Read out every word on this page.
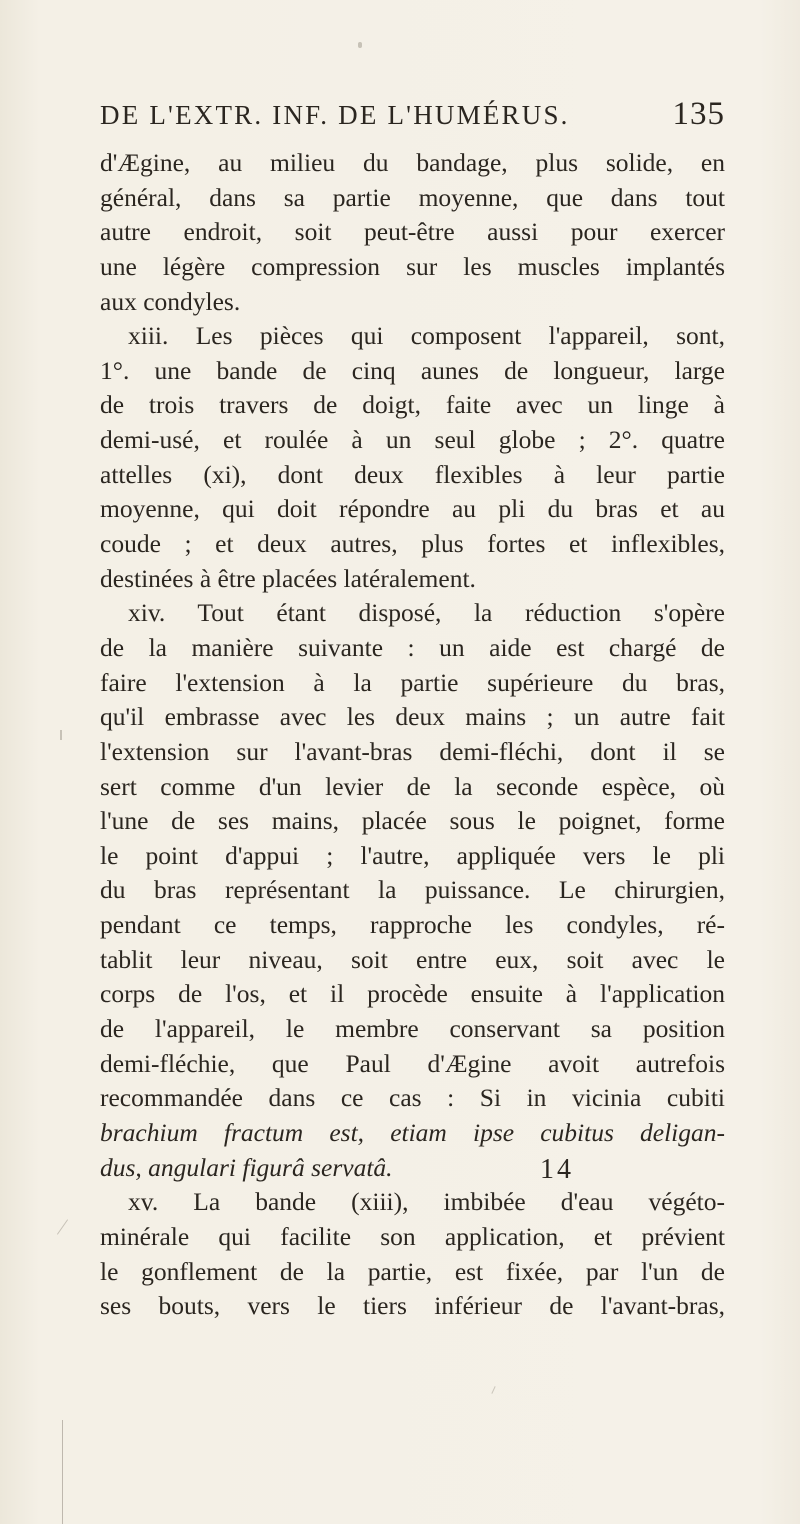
DE L'EXTR. INF. DE L'HUMÉRUS.	135
d'Ægine, au milieu du bandage, plus solide, en
général, dans sa partie moyenne, que dans tout
autre endroit, soit peut-être aussi pour exercer
une légère compression sur les muscles implantés
aux condyles.
xiii. Les pièces qui composent l'appareil, sont,
1°. une bande de cinq aunes de longueur, large
de trois travers de doigt, faite avec un linge à
demi-usé, et roulée à un seul globe ; 2°. quatre
attelles (xi), dont deux flexibles à leur partie
moyenne, qui doit répondre au pli du bras et au
coude ; et deux autres, plus fortes et inflexibles,
destinées à être placées latéralement.
xiv. Tout étant disposé, la réduction s'opère
de la manière suivante : un aide est chargé de
faire l'extension à la partie supérieure du bras,
qu'il embrasse avec les deux mains ; un autre fait
l'extension sur l'avant-bras demi-fléchi, dont il se
sert comme d'un levier de la seconde espèce, où
l'une de ses mains, placée sous le poignet, forme
le point d'appui ; l'autre, appliquée vers le pli
du bras représentant la puissance. Le chirurgien,
pendant ce temps, rapproche les condyles, ré-
tablit leur niveau, soit entre eux, soit avec le
corps de l'os, et il procède ensuite à l'application
de l'appareil, le membre conservant sa position
demi-fléchie, que Paul d'Ægine avoit autrefois
recommandée dans ce cas : Si in vicinia cubiti
brachium fractum est, etiam ipse cubitus deligan-
dus, angulari figurâ servatâ.
xv. La bande (xiii), imbibée d'eau végéto-
minérale qui facilite son application, et prévient
le gonflement de la partie, est fixée, par l'un de
ses bouts, vers le tiers inférieur de l'avant-bras,
14
